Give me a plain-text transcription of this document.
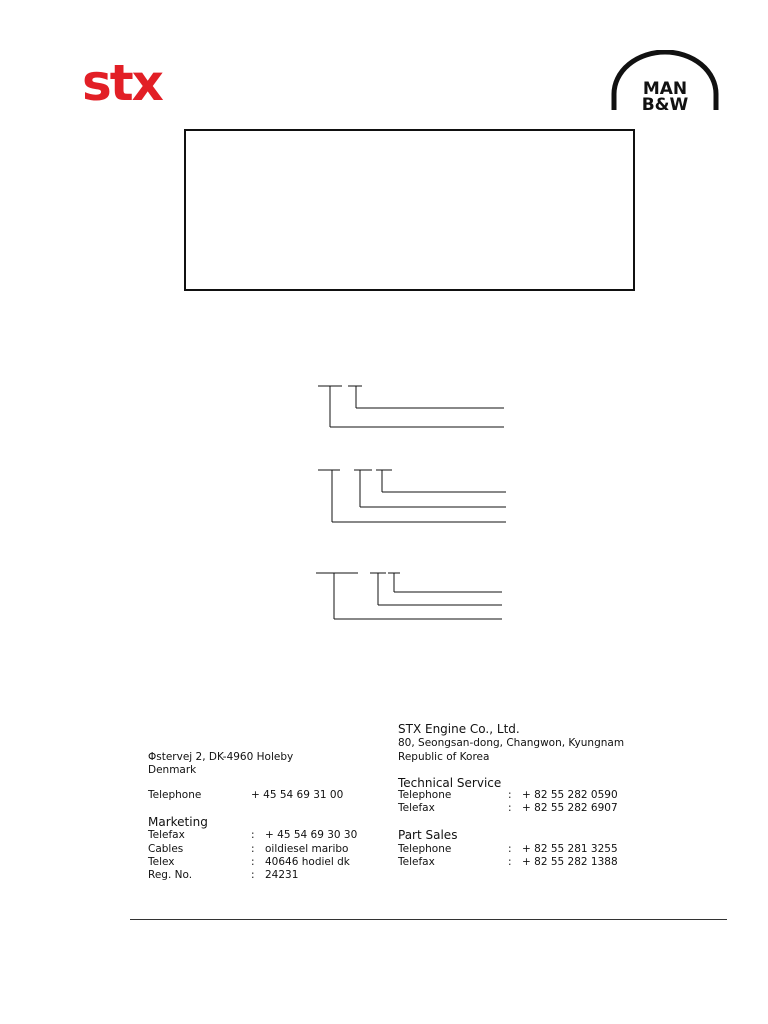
stx	MAN
B&W
Φstervej 2, DK-4960 Holeby
Denmark
Telephone	+ 45 54 69 31 00
Marketing
Telefax	: + 45 54 69 30 30
Cables	: oildiesel maribo
Telex	: 40646 hodiel dk
Reg. No.	: 24231
STX Engine Co., Ltd.
80, Seongsan-dong, Changwon, Kyungnam
Republic of Korea
Technical Service
Telephone	: + 82 55 282 0590
Telefax	: + 82 55 282 6907
Part Sales
Telephone	: + 82 55 281 3255
Telefax	: + 82 55 282 1388
